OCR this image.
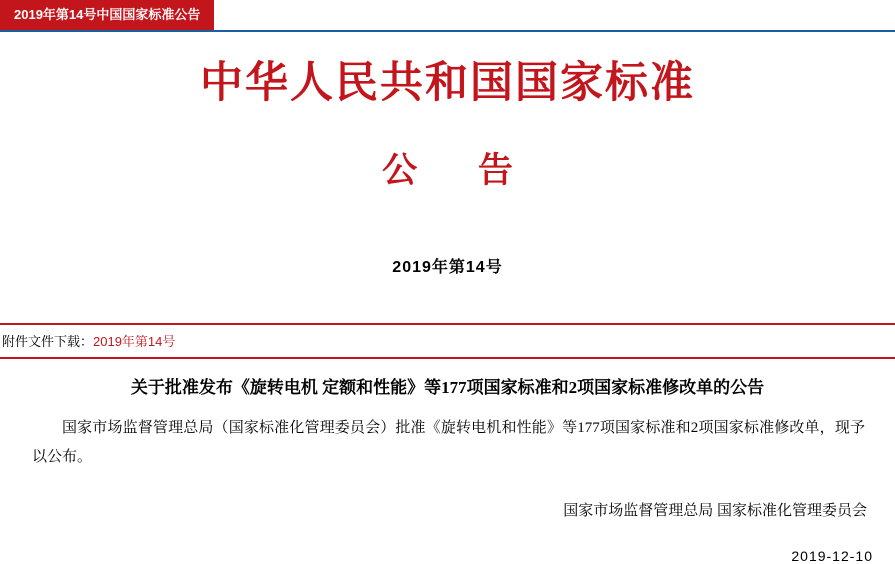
2019年第14号中国国家标准公告
中华人民共和国国家标准
公 告
2019年第14号
附件文件下载：2019年第14号
关于批准发布《旋转电机 定额和性能》等177项国家标准和2项国家标准修改单的公告
国家市场监督管理总局（国家标准化管理委员会）批准《旋转电机和性能》等177项国家标准和2项国家标准修改单，现予以公布。
国家市场监督管理总局 国家标准化管理委员会
2019-12-10
